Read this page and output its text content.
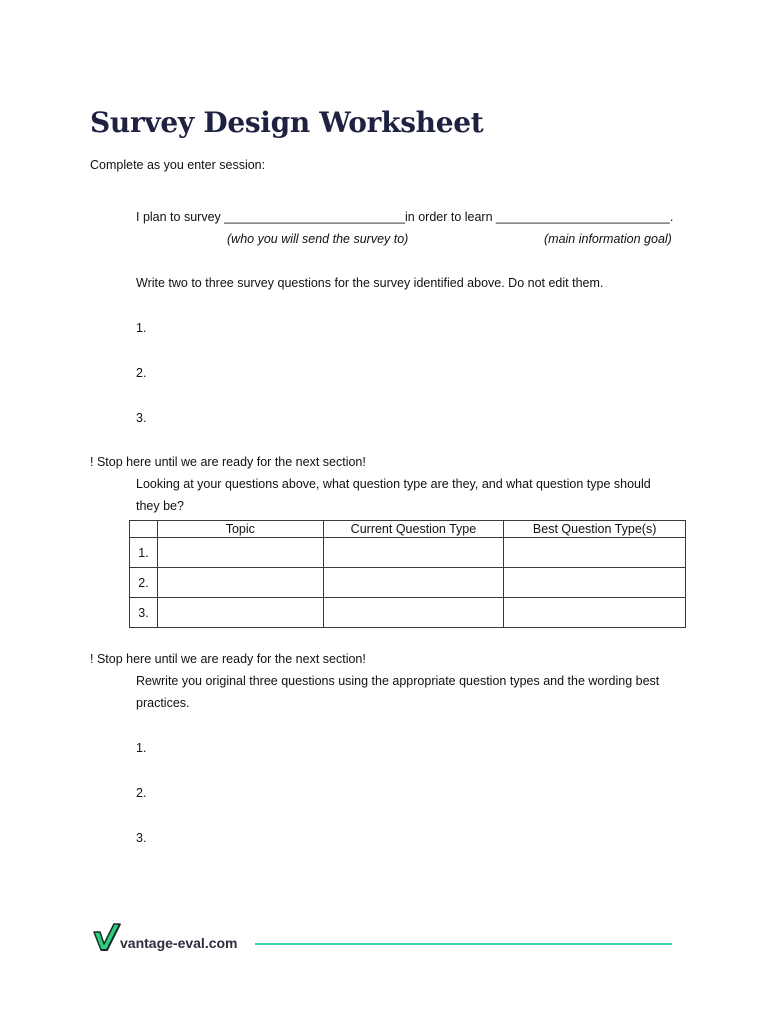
Survey Design Worksheet
Complete as you enter session:
I plan to survey __________________________in order to learn _________________________.
(who you will send the survey to)	(main information goal)
Write two to three survey questions for the survey identified above. Do not edit them.
1.
2.
3.
! Stop here until we are ready for the next section!
Looking at your questions above, what question type are they, and what question type should
they be?
	Topic	Current Question Type	Best Question Type(s)
1.			
2.			
3.			
! Stop here until we are ready for the next section!
Rewrite you original three questions using the appropriate question types and the wording best
practices.
1.
2.
3.
vantage-eval.com
